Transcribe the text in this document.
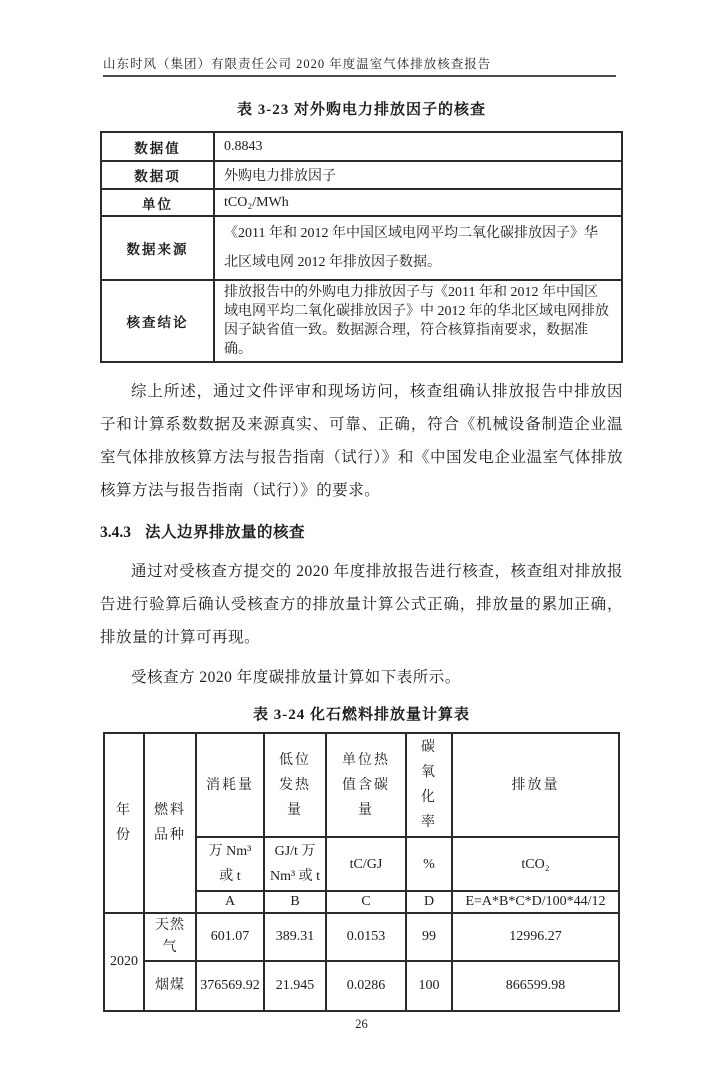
山东时风（集团）有限责任公司 2020 年度温室气体排放核查报告
表 3-23 对外购电力排放因子的核查
数据值	0.8843
数据项	外购电力排放因子
单位	tCO₂/MWh
数据来源	《2011 年和 2012 年中国区域电网平均二氧化碳排放因子》华北区域电网 2012 年排放因子数据。
核查结论	排放报告中的外购电力排放因子与《2011 年和 2012 年中国区域电网平均二氧化碳排放因子》中 2012 年的华北区域电网排放因子缺省值一致。数据源合理，符合核算指南要求，数据准确。
综上所述，通过文件评审和现场访问，核查组确认排放报告中排放因子和计算系数数据及来源真实、可靠、正确，符合《机械设备制造企业温室气体排放核算方法与报告指南（试行）》和《中国发电企业温室气体排放核算方法与报告指南（试行）》的要求。
3.4.3 法人边界排放量的核查
通过对受核查方提交的 2020 年度排放报告进行核查，核查组对排放报告进行验算后确认受核查方的排放量计算公式正确，排放量的累加正确，排放量的计算可再现。
受核查方 2020 年度碳排放量计算如下表所示。
表 3-24 化石燃料排放量计算表
年份	燃料品种	消耗量	低位发热量	单位热值含碳量	碳氧化率	排放量
		万 Nm³ 或 t	GJ/t 万 Nm³ 或 t	tC/GJ	%	tCO₂
		A	B	C	D	E=A*B*C*D/100*44/12
2020	天然气	601.07	389.31	0.0153	99	12996.27
	烟煤	376569.92	21.945	0.0286	100	866599.98
26
